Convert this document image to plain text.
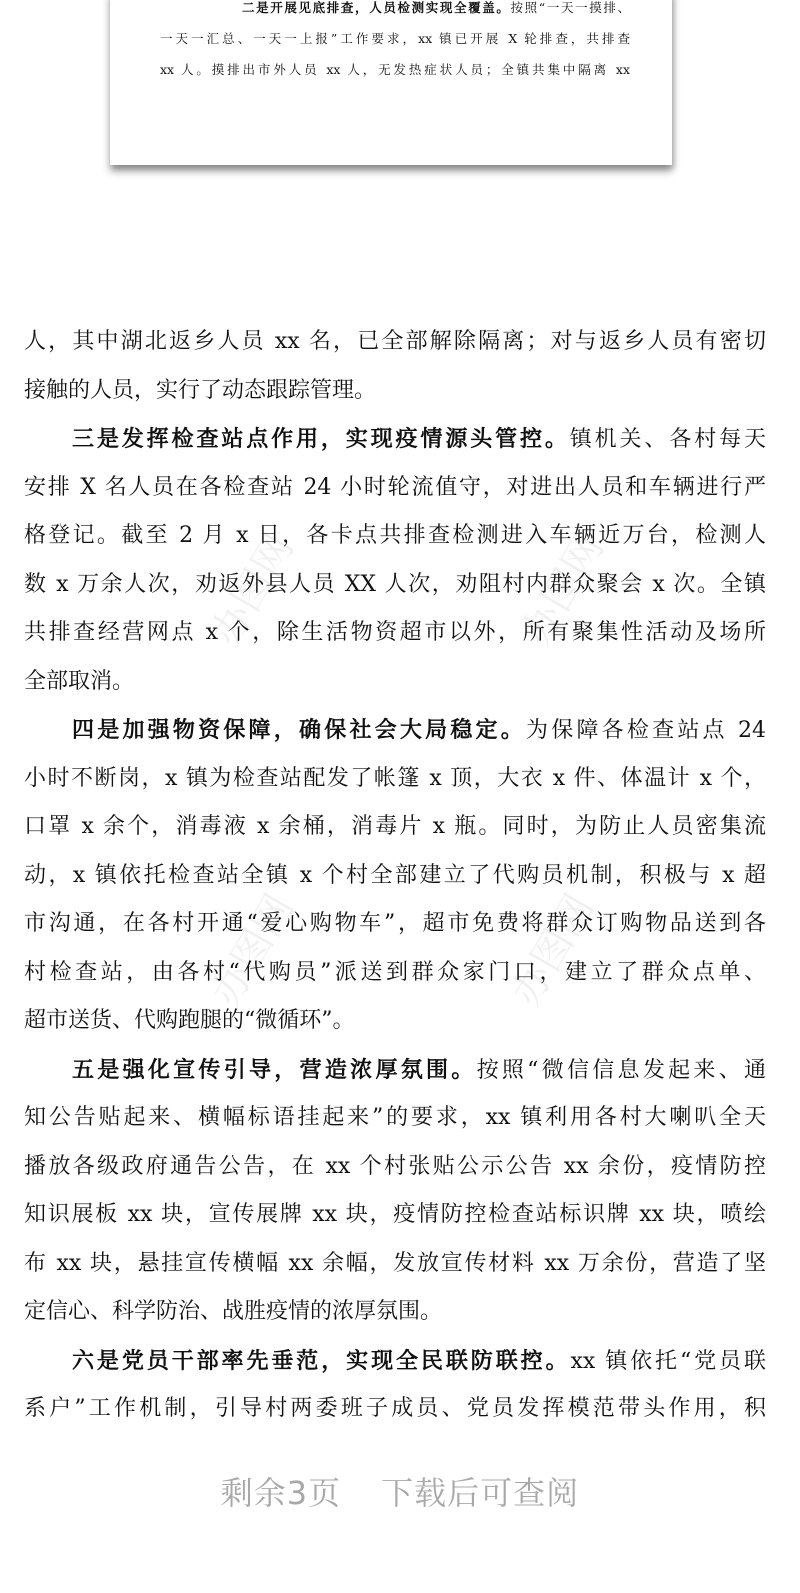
二是开展见底排查，人员检测实现全覆盖。按照“一天一摸排、
一天一汇总、一天一上报”工作要求，xx 镇已开展 X 轮排查，共排查
xx 人。摸排出市外人员 xx 人，无发热症状人员；全镇共集中隔离 xx
办图网	办图网
办图网	办图网
人，其中湖北返乡人员 xx 名，已全部解除隔离；对与返乡人员有密切
接触的人员，实行了动态跟踪管理。
三是发挥检查站点作用，实现疫情源头管控。镇机关、各村每天
安排 X 名人员在各检查站 24 小时轮流值守，对进出人员和车辆进行严
格登记。截至 2 月 x 日，各卡点共排查检测进入车辆近万台，检测人
数 x 万余人次，劝返外县人员 XX 人次，劝阻村内群众聚会 x 次。全镇
共排查经营网点 x 个，除生活物资超市以外，所有聚集性活动及场所
全部取消。
四是加强物资保障，确保社会大局稳定。为保障各检查站点 24
小时不断岗，x 镇为检查站配发了帐篷 x 顶，大衣 x 件、体温计 x 个，
口罩 x 余个，消毒液 x 余桶，消毒片 x 瓶。同时，为防止人员密集流
动，x 镇依托检查站全镇 x 个村全部建立了代购员机制，积极与 x 超
市沟通，在各村开通“爱心购物车”，超市免费将群众订购物品送到各
村检查站，由各村“代购员”派送到群众家门口，建立了群众点单、
超市送货、代购跑腿的“微循环”。
五是强化宣传引导，营造浓厚氛围。按照“微信信息发起来、通
知公告贴起来、横幅标语挂起来”的要求，xx 镇利用各村大喇叭全天
播放各级政府通告公告，在 xx 个村张贴公示公告 xx 余份，疫情防控
知识展板 xx 块，宣传展牌 xx 块，疫情防控检查站标识牌 xx 块，喷绘
布 xx 块，悬挂宣传横幅 xx 余幅，发放宣传材料 xx 万余份，营造了坚
定信心、科学防治、战胜疫情的浓厚氛围。
六是党员干部率先垂范，实现全民联防联控。xx 镇依托“党员联
系户”工作机制，引导村两委班子成员、党员发挥模范带头作用，积
剩余3页 下载后可查阅
